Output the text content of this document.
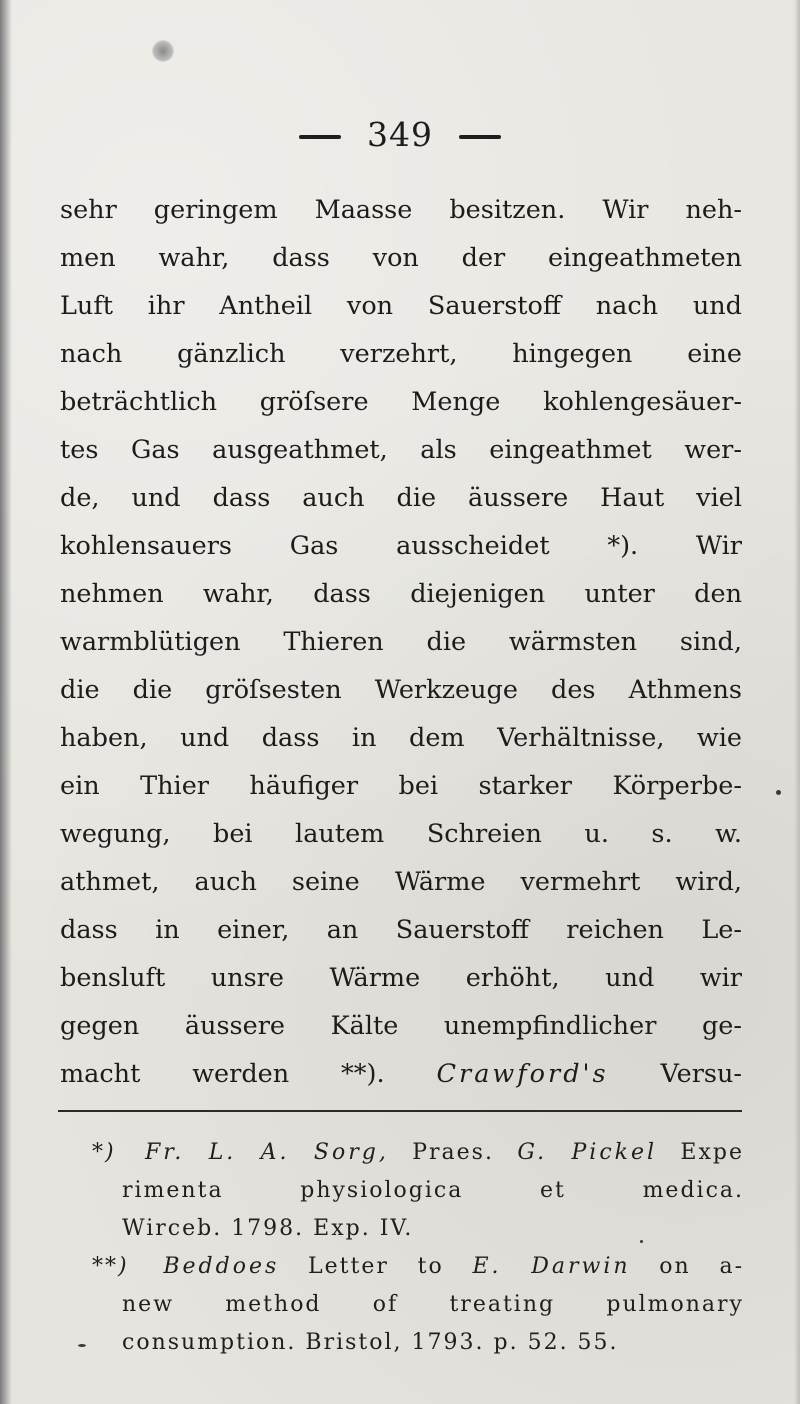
349
sehr geringem Maasse besitzen. Wir neh-
men wahr, dass von der eingeathmeten
Luft ihr Antheil von Sauerstoff nach und
nach gänzlich verzehrt, hingegen eine
beträchtlich gröſsere Menge kohlengesäuer-
tes Gas ausgeathmet, als eingeathmet wer-
de, und dass auch die äussere Haut viel
kohlensauers Gas ausscheidet *). Wir
nehmen wahr, dass diejenigen unter den
warmblütigen Thieren die wärmsten sind,
die die gröſsesten Werkzeuge des Athmens
haben, und dass in dem Verhältnisse, wie
ein Thier häufiger bei starker Körperbe-
wegung, bei lautem Schreien u. s. w.
athmet, auch seine Wärme vermehrt wird,
dass in einer, an Sauerstoff reichen Le-
bensluft unsre Wärme erhöht, und wir
gegen äussere Kälte unempfindlicher ge-
macht werden **). Crawford's Versu-
*) Fr. L. A. Sorg, Praes. G. Pickel Expe
rimenta physiologica et medica.
Wirceb. 1798. Exp. IV.
**) Beddoes Letter to E. Darwin on a-
new method of treating pulmonary
consumption. Bristol, 1793. p. 52. 55.
